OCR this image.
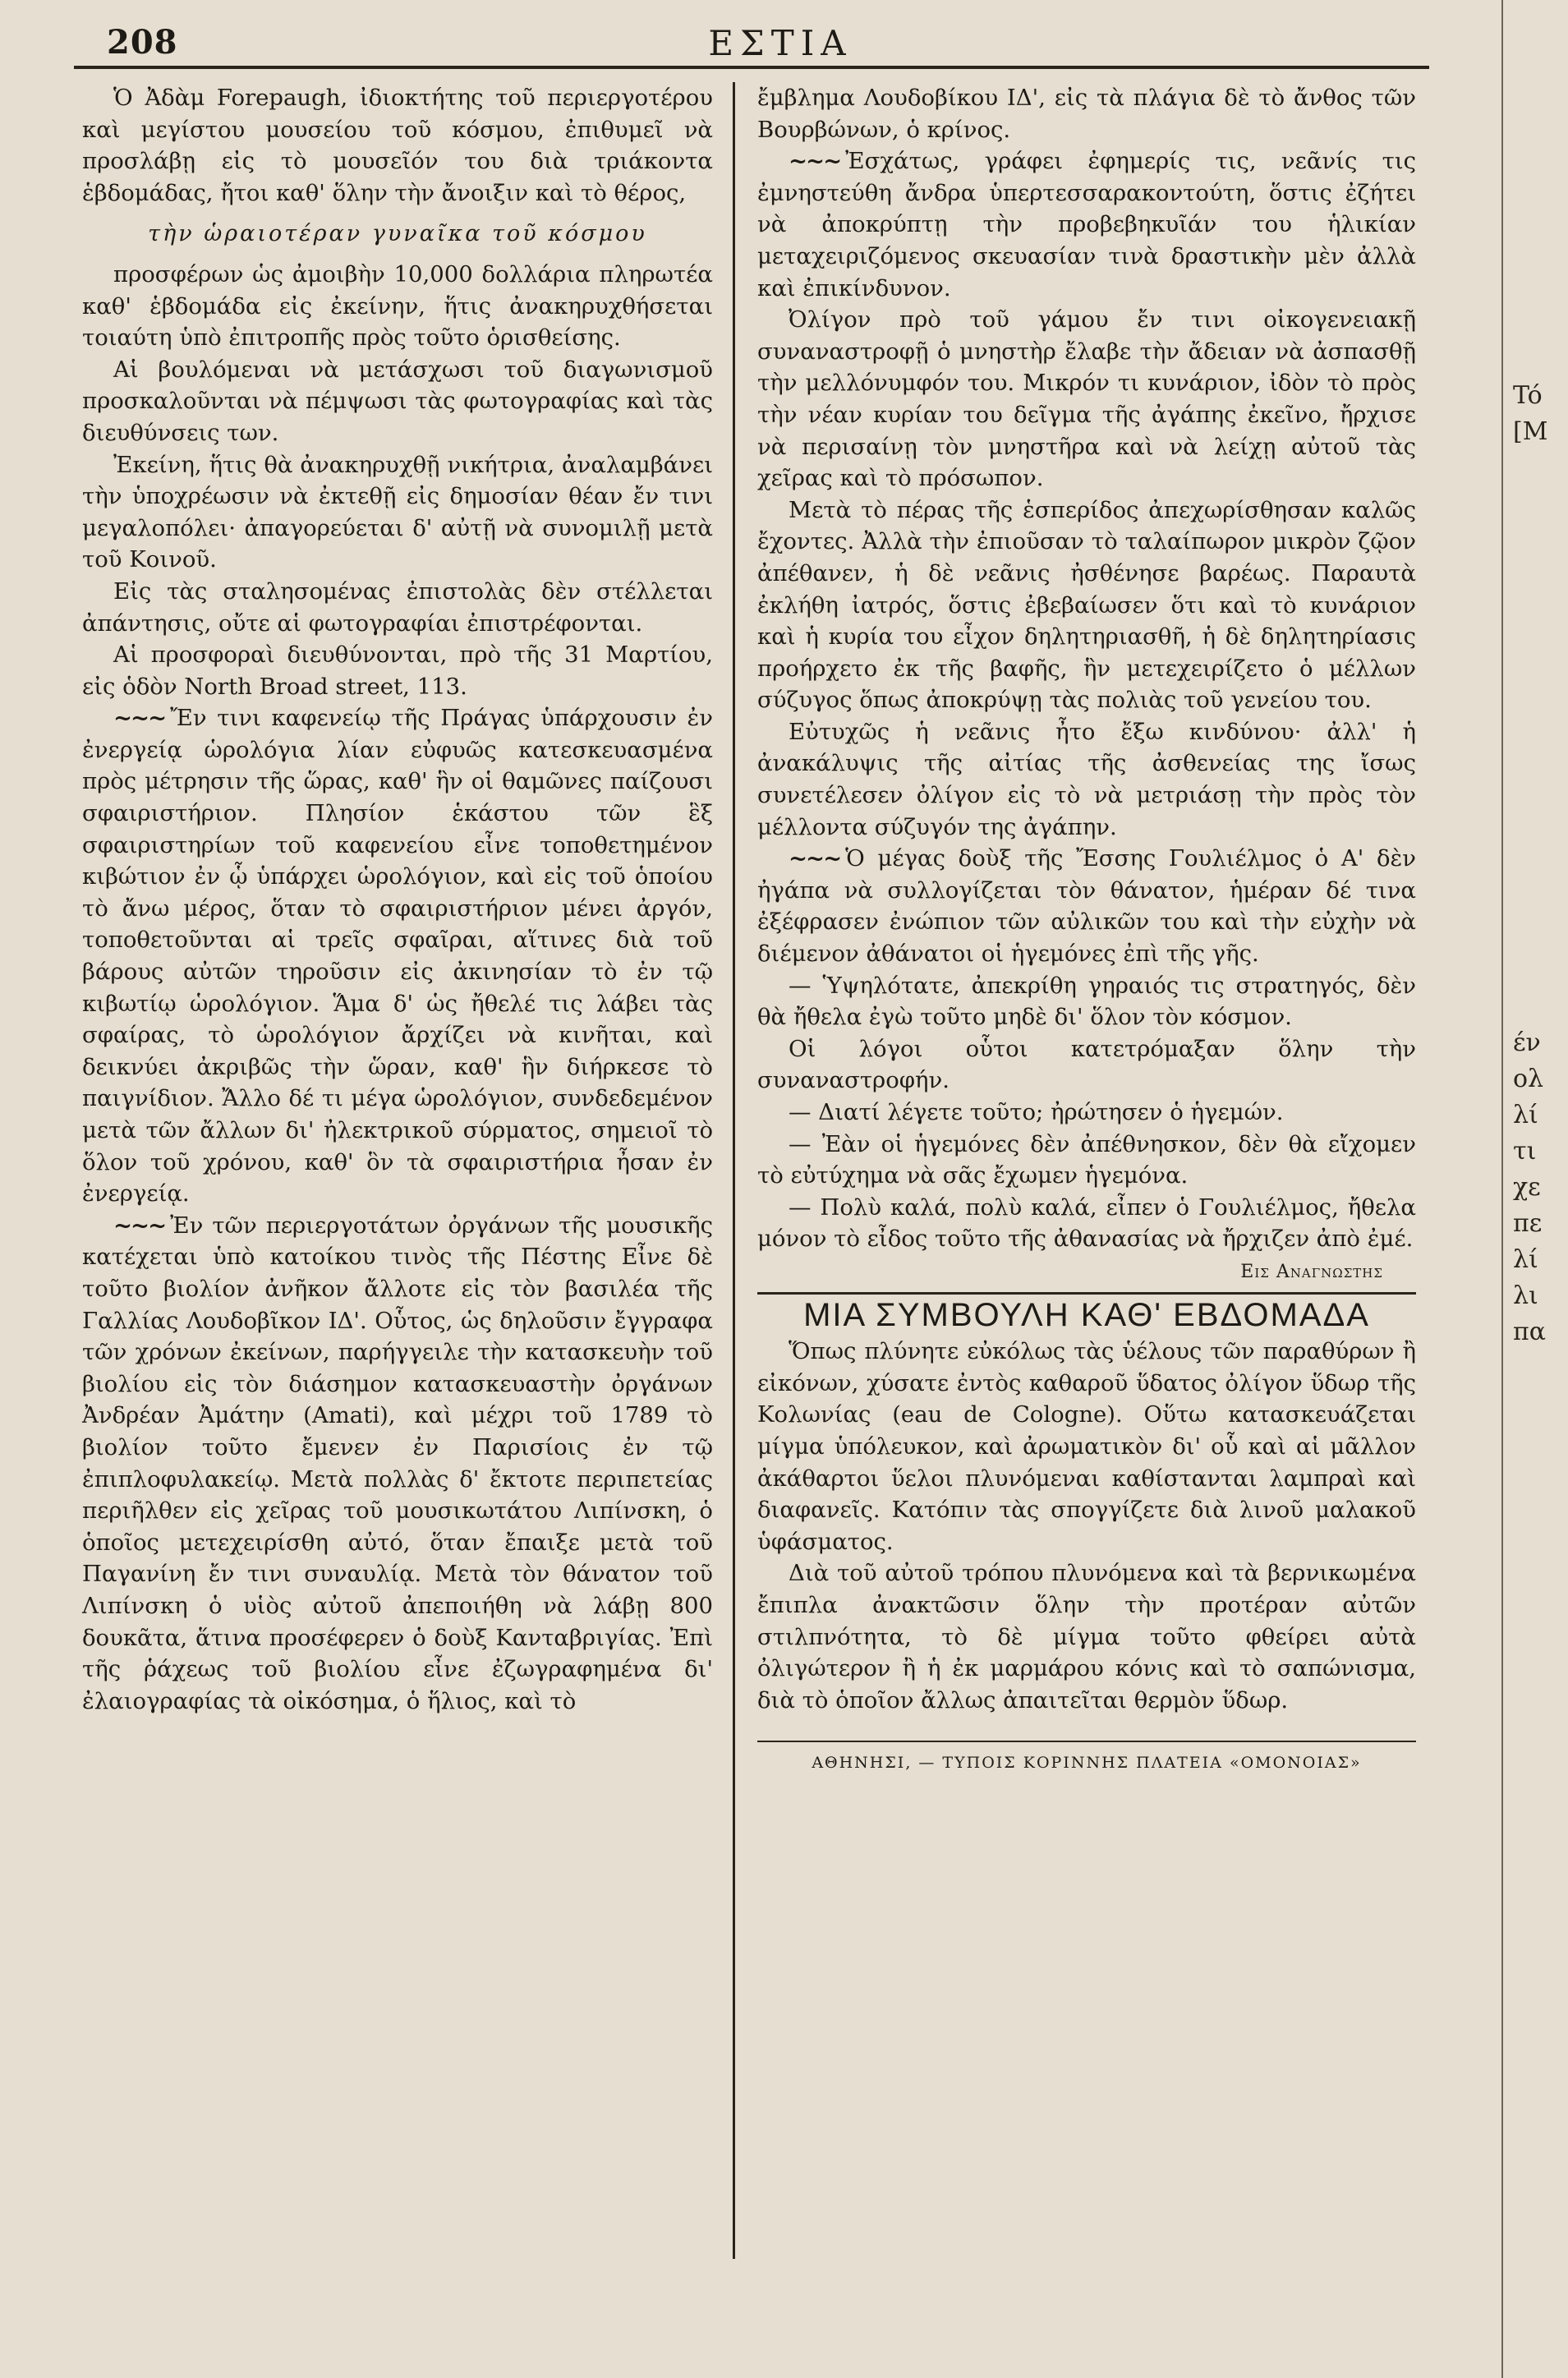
208	ΕΣΤΙΑ

Ὁ Ἀδὰμ Forepaugh, ἰδιοκτήτης τοῦ περιεργοτέρου καὶ μεγίστου μουσείου τοῦ κόσμου, ἐπιθυμεῖ νὰ προσλάβῃ εἰς τὸ μουσεῖόν του διὰ τριάκοντα ἑβδομάδας, ἤτοι καθ' ὅλην τὴν ἄνοιξιν καὶ τὸ θέρος,

τὴν ὡραιοτέραν γυναῖκα τοῦ κόσμου

προσφέρων ὡς ἀμοιβὴν 10,000 δολλάρια πληρωτέα καθ' ἑβδομάδα εἰς ἐκείνην, ἥτις ἀνακηρυχθήσεται τοιαύτη ὑπὸ ἐπιτροπῆς πρὸς τοῦτο ὁρισθείσης.

Αἱ βουλόμεναι νὰ μετάσχωσι τοῦ διαγωνισμοῦ προσκαλοῦνται νὰ πέμψωσι τὰς φωτογραφίας καὶ τὰς διευθύνσεις των.

Ἐκείνη, ἥτις θὰ ἀνακηρυχθῇ νικήτρια, ἀναλαμβάνει τὴν ὑποχρέωσιν νὰ ἐκτεθῇ εἰς δημοσίαν θέαν ἔν τινι μεγαλοπόλει· ἀπαγορεύεται δ' αὐτῇ νὰ συνομιλῇ μετὰ τοῦ Κοινοῦ.

Εἰς τὰς σταλησομένας ἐπιστολὰς δὲν στέλλεται ἀπάντησις, οὔτε αἱ φωτογραφίαι ἐπιστρέφονται.

Αἱ προσφοραὶ διευθύνονται, πρὸ τῆς 31 Μαρτίου, εἰς ὁδὸν North Broad street, 113.

~~~ Ἔν τινι καφενείῳ τῆς Πράγας ὑπάρχουσιν ἐν ἐνεργείᾳ ὡρολόγια λίαν εὐφυῶς κατεσκευασμένα πρὸς μέτρησιν τῆς ὥρας, καθ' ἣν οἱ θαμῶνες παίζουσι σφαιριστήριον. Πλησίον ἑκάστου τῶν ἓξ σφαιριστηρίων τοῦ καφενείου εἶνε τοποθετημένον κιβώτιον ἐν ᾧ ὑπάρχει ὡρολόγιον, καὶ εἰς τοῦ ὁποίου τὸ ἄνω μέρος, ὅταν τὸ σφαιριστήριον μένει ἀργόν, τοποθετοῦνται αἱ τρεῖς σφαῖραι, αἵτινες διὰ τοῦ βάρους αὐτῶν τηροῦσιν εἰς ἀκινησίαν τὸ ἐν τῷ κιβωτίῳ ὡρολόγιον. Ἅμα δ' ὡς ἤθελέ τις λάβει τὰς σφαίρας, τὸ ὡρολόγιον ἄρχίζει νὰ κινῆται, καὶ δεικνύει ἀκριβῶς τὴν ὥραν, καθ' ἣν διήρκεσε τὸ παιγνίδιον. Ἄλλο δέ τι μέγα ὡρολόγιον, συνδεδεμένον μετὰ τῶν ἄλλων δι' ἠλεκτρικοῦ σύρματος, σημειοῖ τὸ ὅλον τοῦ χρόνου, καθ' ὃν τὰ σφαιριστήρια ἦσαν ἐν ἐνεργείᾳ.

~~~ Ἐν τῶν περιεργοτάτων ὀργάνων τῆς μουσικῆς κατέχεται ὑπὸ κατοίκου τινὸς τῆς Πέστης Εἶνε δὲ τοῦτο βιολίον ἀνῆκον ἄλλοτε εἰς τὸν βασιλέα τῆς Γαλλίας Λουδοβῖκον ΙΔ'. Οὗτος, ὡς δηλοῦσιν ἔγγραφα τῶν χρόνων ἐκείνων, παρήγγειλε τὴν κατασκευὴν τοῦ βιολίου εἰς τὸν διάσημον κατασκευαστὴν ὀργάνων Ἀνδρέαν Ἀμάτην (Amati), καὶ μέχρι τοῦ 1789 τὸ βιολίον τοῦτο ἔμενεν ἐν Παρισίοις ἐν τῷ ἐπιπλοφυλακείῳ. Μετὰ πολλὰς δ' ἔκτοτε περιπετείας περιῆλθεν εἰς χεῖρας τοῦ μουσικωτάτου Λιπίνσκη, ὁ ὁποῖος μετεχειρίσθη αὐτό, ὅταν ἔπαιξε μετὰ τοῦ Παγανίνη ἔν τινι συναυλίᾳ. Μετὰ τὸν θάνατον τοῦ Λιπίνσκη ὁ υἱὸς αὐτοῦ ἀπεποιήθη νὰ λάβῃ 800 δουκᾶτα, ἅτινα προσέφερεν ὁ δοὺξ Κανταβριγίας. Ἐπὶ τῆς ῥάχεως τοῦ βιολίου εἶνε ἐζωγραφημένα δι' ἐλαιογραφίας τὰ οἰκόσημα, ὁ ἥλιος, καὶ τὸ

ἔμβλημα Λουδοβίκου ΙΔ', εἰς τὰ πλάγια δὲ τὸ ἄνθος τῶν Βουρβώνων, ὁ κρίνος.

~~~ Ἐσχάτως, γράφει ἐφημερίς τις, νεᾶνίς τις ἐμνηστεύθη ἄνδρα ὑπερτεσσαρακοντούτη, ὅστις ἐζήτει νὰ ἀποκρύπτῃ τὴν προβεβηκυῖάν του ἡλικίαν μεταχειριζόμενος σκευασίαν τινὰ δραστικὴν μὲν ἀλλὰ καὶ ἐπικίνδυνον.

Ὀλίγον πρὸ τοῦ γάμου ἔν τινι οἰκογενειακῇ συναναστροφῇ ὁ μνηστὴρ ἔλαβε τὴν ἄδειαν νὰ ἀσπασθῇ τὴν μελλόνυμφόν του. Μικρόν τι κυνάριον, ἰδὸν τὸ πρὸς τὴν νέαν κυρίαν του δεῖγμα τῆς ἀγάπης ἐκεῖνο, ἤρχισε νὰ περισαίνῃ τὸν μνηστῆρα καὶ νὰ λείχῃ αὐτοῦ τὰς χεῖρας καὶ τὸ πρόσωπον.

Μετὰ τὸ πέρας τῆς ἑσπερίδος ἀπεχωρίσθησαν καλῶς ἔχοντες. Ἀλλὰ τὴν ἐπιοῦσαν τὸ ταλαίπωρον μικρὸν ζῷον ἀπέθανεν, ἡ δὲ νεᾶνις ἠσθένησε βαρέως. Παραυτὰ ἐκλήθη ἰατρός, ὅστις ἐβεβαίωσεν ὅτι καὶ τὸ κυνάριον καὶ ἡ κυρία του εἶχον δηλητηριασθῆ, ἡ δὲ δηλητηρίασις προήρχετο ἐκ τῆς βαφῆς, ἣν μετεχειρίζετο ὁ μέλλων σύζυγος ὅπως ἀποκρύψῃ τὰς πολιὰς τοῦ γενείου του.

Εὐτυχῶς ἡ νεᾶνις ἦτο ἔξω κινδύνου· ἀλλ' ἡ ἀνακάλυψις τῆς αἰτίας τῆς ἀσθενείας της ἴσως συνετέλεσεν ὀλίγον εἰς τὸ νὰ μετριάσῃ τὴν πρὸς τὸν μέλλοντα σύζυγόν της ἀγάπην.

~~~ Ὁ μέγας δοὺξ τῆς Ἔσσης Γουλιέλμος ὁ Α' δὲν ἠγάπα νὰ συλλογίζεται τὸν θάνατον, ἡμέραν δέ τινα ἐξέφρασεν ἐνώπιον τῶν αὐλικῶν του καὶ τὴν εὐχὴν νὰ διέμενον ἀθάνατοι οἱ ἡγεμόνες ἐπὶ τῆς γῆς.

— Ὑψηλότατε, ἀπεκρίθη γηραιός τις στρατηγός, δὲν θὰ ἤθελα ἐγὼ τοῦτο μηδὲ δι' ὅλον τὸν κόσμον.

Οἱ λόγοι οὗτοι κατετρόμαξαν ὅλην τὴν συναναστροφήν.

— Διατί λέγετε τοῦτο; ἠρώτησεν ὁ ἡγεμών.

— Ἐὰν οἱ ἡγεμόνες δὲν ἀπέθνησκον, δὲν θὰ εἴχομεν τὸ εὐτύχημα νὰ σᾶς ἔχωμεν ἡγεμόνα.

— Πολὺ καλά, πολὺ καλά, εἶπεν ὁ Γουλιέλμος, ἤθελα μόνον τὸ εἶδος τοῦτο τῆς ἀθανασίας νὰ ἤρχιζεν ἀπὸ ἐμέ.

Εις Αναγνωστης

ΜΙΑ ΣΥΜΒΟΥΛΗ ΚΑΘ' ΕΒΔΟΜΑΔΑ

Ὅπως πλύνητε εὐκόλως τὰς ὑέλους τῶν παραθύρων ἢ εἰκόνων, χύσατε ἐντὸς καθαροῦ ὕδατος ὀλίγον ὕδωρ τῆς Κολωνίας (eau de Cologne). Οὕτω κατασκευάζεται μίγμα ὑπόλευκον, καὶ ἀρωματικὸν δι' οὗ καὶ αἱ μᾶλλον ἀκάθαρτοι ὕελοι πλυνόμεναι καθίστανται λαμπραὶ καὶ διαφανεῖς. Κατόπιν τὰς σπογγίζετε διὰ λινοῦ μαλακοῦ ὑφάσματος.

Διὰ τοῦ αὐτοῦ τρόπου πλυνόμενα καὶ τὰ βερνικωμένα ἔπιπλα ἀνακτῶσιν ὅλην τὴν προτέραν αὐτῶν στιλπνότητα, τὸ δὲ μίγμα τοῦτο φθείρει αὐτὰ ὀλιγώτερον ἢ ἡ ἐκ μαρμάρου κόνις καὶ τὸ σαπώνισμα, διὰ τὸ ὁποῖον ἄλλως ἀπαιτεῖται θερμὸν ὕδωρ.

ΑΘΗΝΗΣΙ, — ΤΥΠΟΙΣ ΚΟΡΙΝΝΗΣ ΠΛΑΤΕΙΑ «ΟΜΟΝΟΙΑΣ»

Tó
[M
έν
ολ
λί
τι
χε
πε
λί
λι
πα
